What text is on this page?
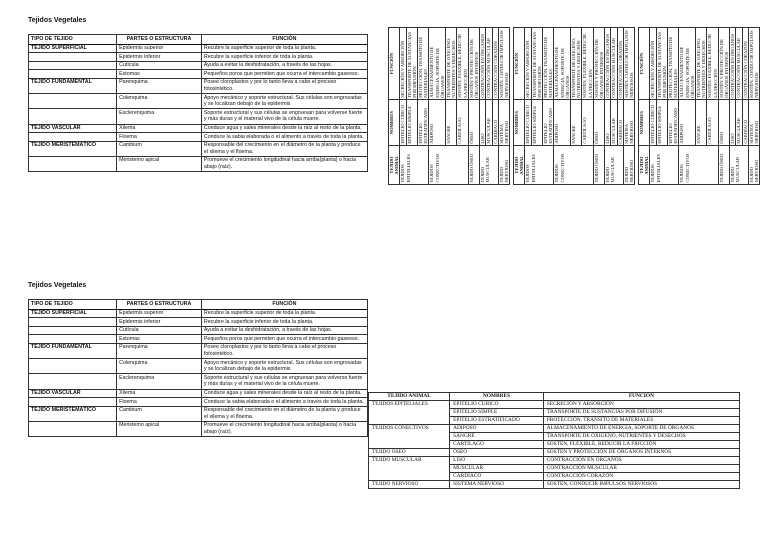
Tejidos Vegetales
TIPO DE TEJIDO	PARTES O ESTRUCTURA	FUNCIÓN
TEJIDO SUPERFICIAL	Epidermis superior	Recubre la superficie superior de toda la planta.
	Epidermis inferior	Recubre la superficie inferior de toda la planta.
	Cutícula	Ayuda a evitar la deshidratación, a través de las hojas.
	Estomas	Pequeños poros que permiten que ocurra el intercambio gaseoso.
TEJIDO FUNDAMENTAL	Parenquima	Posee cloroplastos y por lo tanto lleva a cabo el proceso fotosintético.
	Colenquima	Apoyo mecánico y soporte estructural. Sus células son engrosadas y se localizan debajo de la epidermis
	Esclerenquima	Soporte estructural y sus células se engruesan para volverse fuerte y más duras y el material vivo de la célula muere.
TEJIDO VASCULAR	Xilema	Conduce agua y sales minerales desde la raíz al resto de la planta.
	Floema	Conduce la sabia elaborada o el alimento a través de toda la planta.
TEJIDO MERISTEMÁTICO	Cambium	Responsable del crecimiento en el diámetro de la planta y produce el xilema y el floema.
	Meristemo apical	Promueve el crecimiento longitudinal hacia arriba(planta) o hacia abajo (raíz).
Tejidos Vegetales
TIPO DE TEJIDO	PARTES O ESTRUCTURA	FUNCIÓN
TEJIDO SUPERFICIAL	Epidermis superior	Recubre la superficie superior de toda la planta.
	Epidermis inferior	Recubre la superficie inferior de toda la planta.
	Cutícula	Ayuda a evitar la deshidratación, a través de las hojas.
	Estomas	Pequeños poros que permiten que ocurra el intercambio gaseoso.
TEJIDO FUNDAMENTAL	Parenquima	Posee cloroplastos y por lo tanto lleva a cabo el proceso fotosintético.
	Colenquima	Apoyo mecánico y soporte estructural. Sus células son engrosadas y se localizan debajo de la epidermis
	Esclerenquima	Soporte estructural y sus células se engruesan para volverse fuerte y más duras y el material vivo de la célula muere.
TEJIDO VASCULAR	Xilema	Conduce agua y sales minerales desde la raíz al resto de la planta.
	Floema	Conduce la sabia elaborada o el alimento a través de toda la planta.
TEJIDO MERISTEMÁTICO	Cambium	Responsable del crecimiento en el diámetro de la planta y produce el xilema y el floema.
	Meristemo apical	Promueve el crecimiento longitudinal hacia arriba(planta) o hacia abajo (raíz).
TEJIDO ANIMAL	NOMBRES	FUNCIÓN
TEJIDOS EPITELIALES	EPITELIO CUBICO	SECRECIÓN Y ABSORCIÓN
	EPITELIO SIMPLE	TRANSPORTE DE SUSTANCIAS POR DIFUSIÓN
	EPITELIO ESTRATIFICADO	PROTECCIÓN, TRANSITO DE MATERIALES
TEJIDOS CONECTIVOS	ADIPOSO	ALMACENAMIENTO DE ENERGIA, SOPORTE DE ÓRGANOS
	SANGRE	TRANSPORTE DE OXIGENO, NUTRIENTES Y DESECHOS
	CARTILAGO	SOSTÉN, FLEXIBLE, REDUCIR LA FRICCIÓN
TEJIDO ÓSEO	ÓSEO	SOSTÉN Y PROTECCIÓN DE ÓRGANOS INTERNOS
TEJIDO MUSCULAR	LISO	CONTRACCIÓN EN ÓRGANOS
	MUSCULAR	CONTRACCIÓN MUSCULAR
	CARDIACO	CONTRACCIÓN CORAZÓN
TEJIDO NERVIOSO	SISTEMA NERVIOSO	SOSTÉN, CONDUCIR IMPULSOS NERVIOSOS
TEJIDO ANIMAL	NOMBRES	FUNCIÓN
TEJIDOS EPITELIALES	EPITELIO CUBICO	SECRECIÓN Y ABSORCIÓN
	EPITELIO SIMPLE	TRANSPORTE DE SUSTANCIAS POR DIFUSIÓN
	EPITELIO ESTRATIFICADO	PROTECCIÓN, TRANSITO DE MATERIALES
TEJIDOS CONECTIVOS	ADIPOSO	ALMACENAMIENTO DE ENERGIA, SOPORTE DE ÓRGANOS
	SANGRE	TRANSPORTE DE OXIGENO, NUTRIENTES Y DESECHOS
	CARTILAGO	SOSTÉN, FLEXIBLE, REDUCIR LA FRICCIÓN
TEJIDO ÓSEO	ÓSEO	SOSTÉN Y PROTECCIÓN DE ÓRGANOS INTERNOS
TEJIDO MUSCULAR	LISO	CONTRACCIÓN EN ÓRGANOS
	MUSCULAR	CONTRACCIÓN MUSCULAR
	CARDIACO	CONTRACCIÓN CORAZÓN
TEJIDO NERVIOSO	SISTEMA NERVIOSO	SOSTÉN, CONDUCIR IMPULSOS NERVIOSOS
TEJIDO ANIMAL	NOMBRES	FUNCIÓN
TEJIDOS EPITELIALES	EPITELIO CUBICO	SECRECIÓN Y ABSORCIÓN
	EPITELIO SIMPLE	TRANSPORTE DE SUSTANCIAS POR DIFUSIÓN
	EPITELIO ESTRATIFICADO	PROTECCIÓN, TRANSITO DE MATERIALES
TEJIDOS CONECTIVOS	ADIPOSO	ALMACENAMIENTO DE ENERGIA, SOPORTE DE ÓRGANOS
	SANGRE	TRANSPORTE DE OXIGENO, NUTRIENTES Y DESECHOS
	CARTILAGO	SOSTÉN, FLEXIBLE, REDUCIR LA FRICCIÓN
TEJIDO ÓSEO	ÓSEO	SOSTÉN Y PROTECCIÓN DE ÓRGANOS INTERNOS
TEJIDO MUSCULAR	LISO	CONTRACCIÓN EN ÓRGANOS
	MUSCULAR	CONTRACCIÓN MUSCULAR
	CARDIACO	CONTRACCIÓN CORAZÓN
TEJIDO NERVIOSO	SISTEMA NERVIOSO	SOSTÉN, CONDUCIR IMPULSOS NERVIOSOS
TEJIDO ANIMAL	NOMBRES	FUNCIÓN
TEJIDOS EPITELIALES	EPITELIO CUBICO	SECRECIÓN Y ABSORCIÓN
	EPITELIO SIMPLE	TRANSPORTE DE SUSTANCIAS POR DIFUSIÓN
	EPITELIO ESTRATIFICADO	PROTECCIÓN, TRANSITO DE MATERIALES
TEJIDOS CONECTIVOS	ADIPOSO	ALMACENAMIENTO DE ENERGIA, SOPORTE DE ÓRGANOS
	SANGRE	TRANSPORTE DE OXIGENO, NUTRIENTES Y DESECHOS
	CARTILAGO	SOSTÉN, FLEXIBLE, REDUCIR LA FRICCIÓN
TEJIDO ÓSEO	ÓSEO	SOSTÉN Y PROTECCIÓN DE ÓRGANOS INTERNOS
TEJIDO MUSCULAR	LISO	CONTRACCIÓN EN ÓRGANOS
	MUSCULAR	CONTRACCIÓN MUSCULAR
	CARDIACO	CONTRACCIÓN CORAZÓN
TEJIDO NERVIOSO	SISTEMA NERVIOSO	SOSTÉN, CONDUCIR IMPULSOS NERVIOSOS
